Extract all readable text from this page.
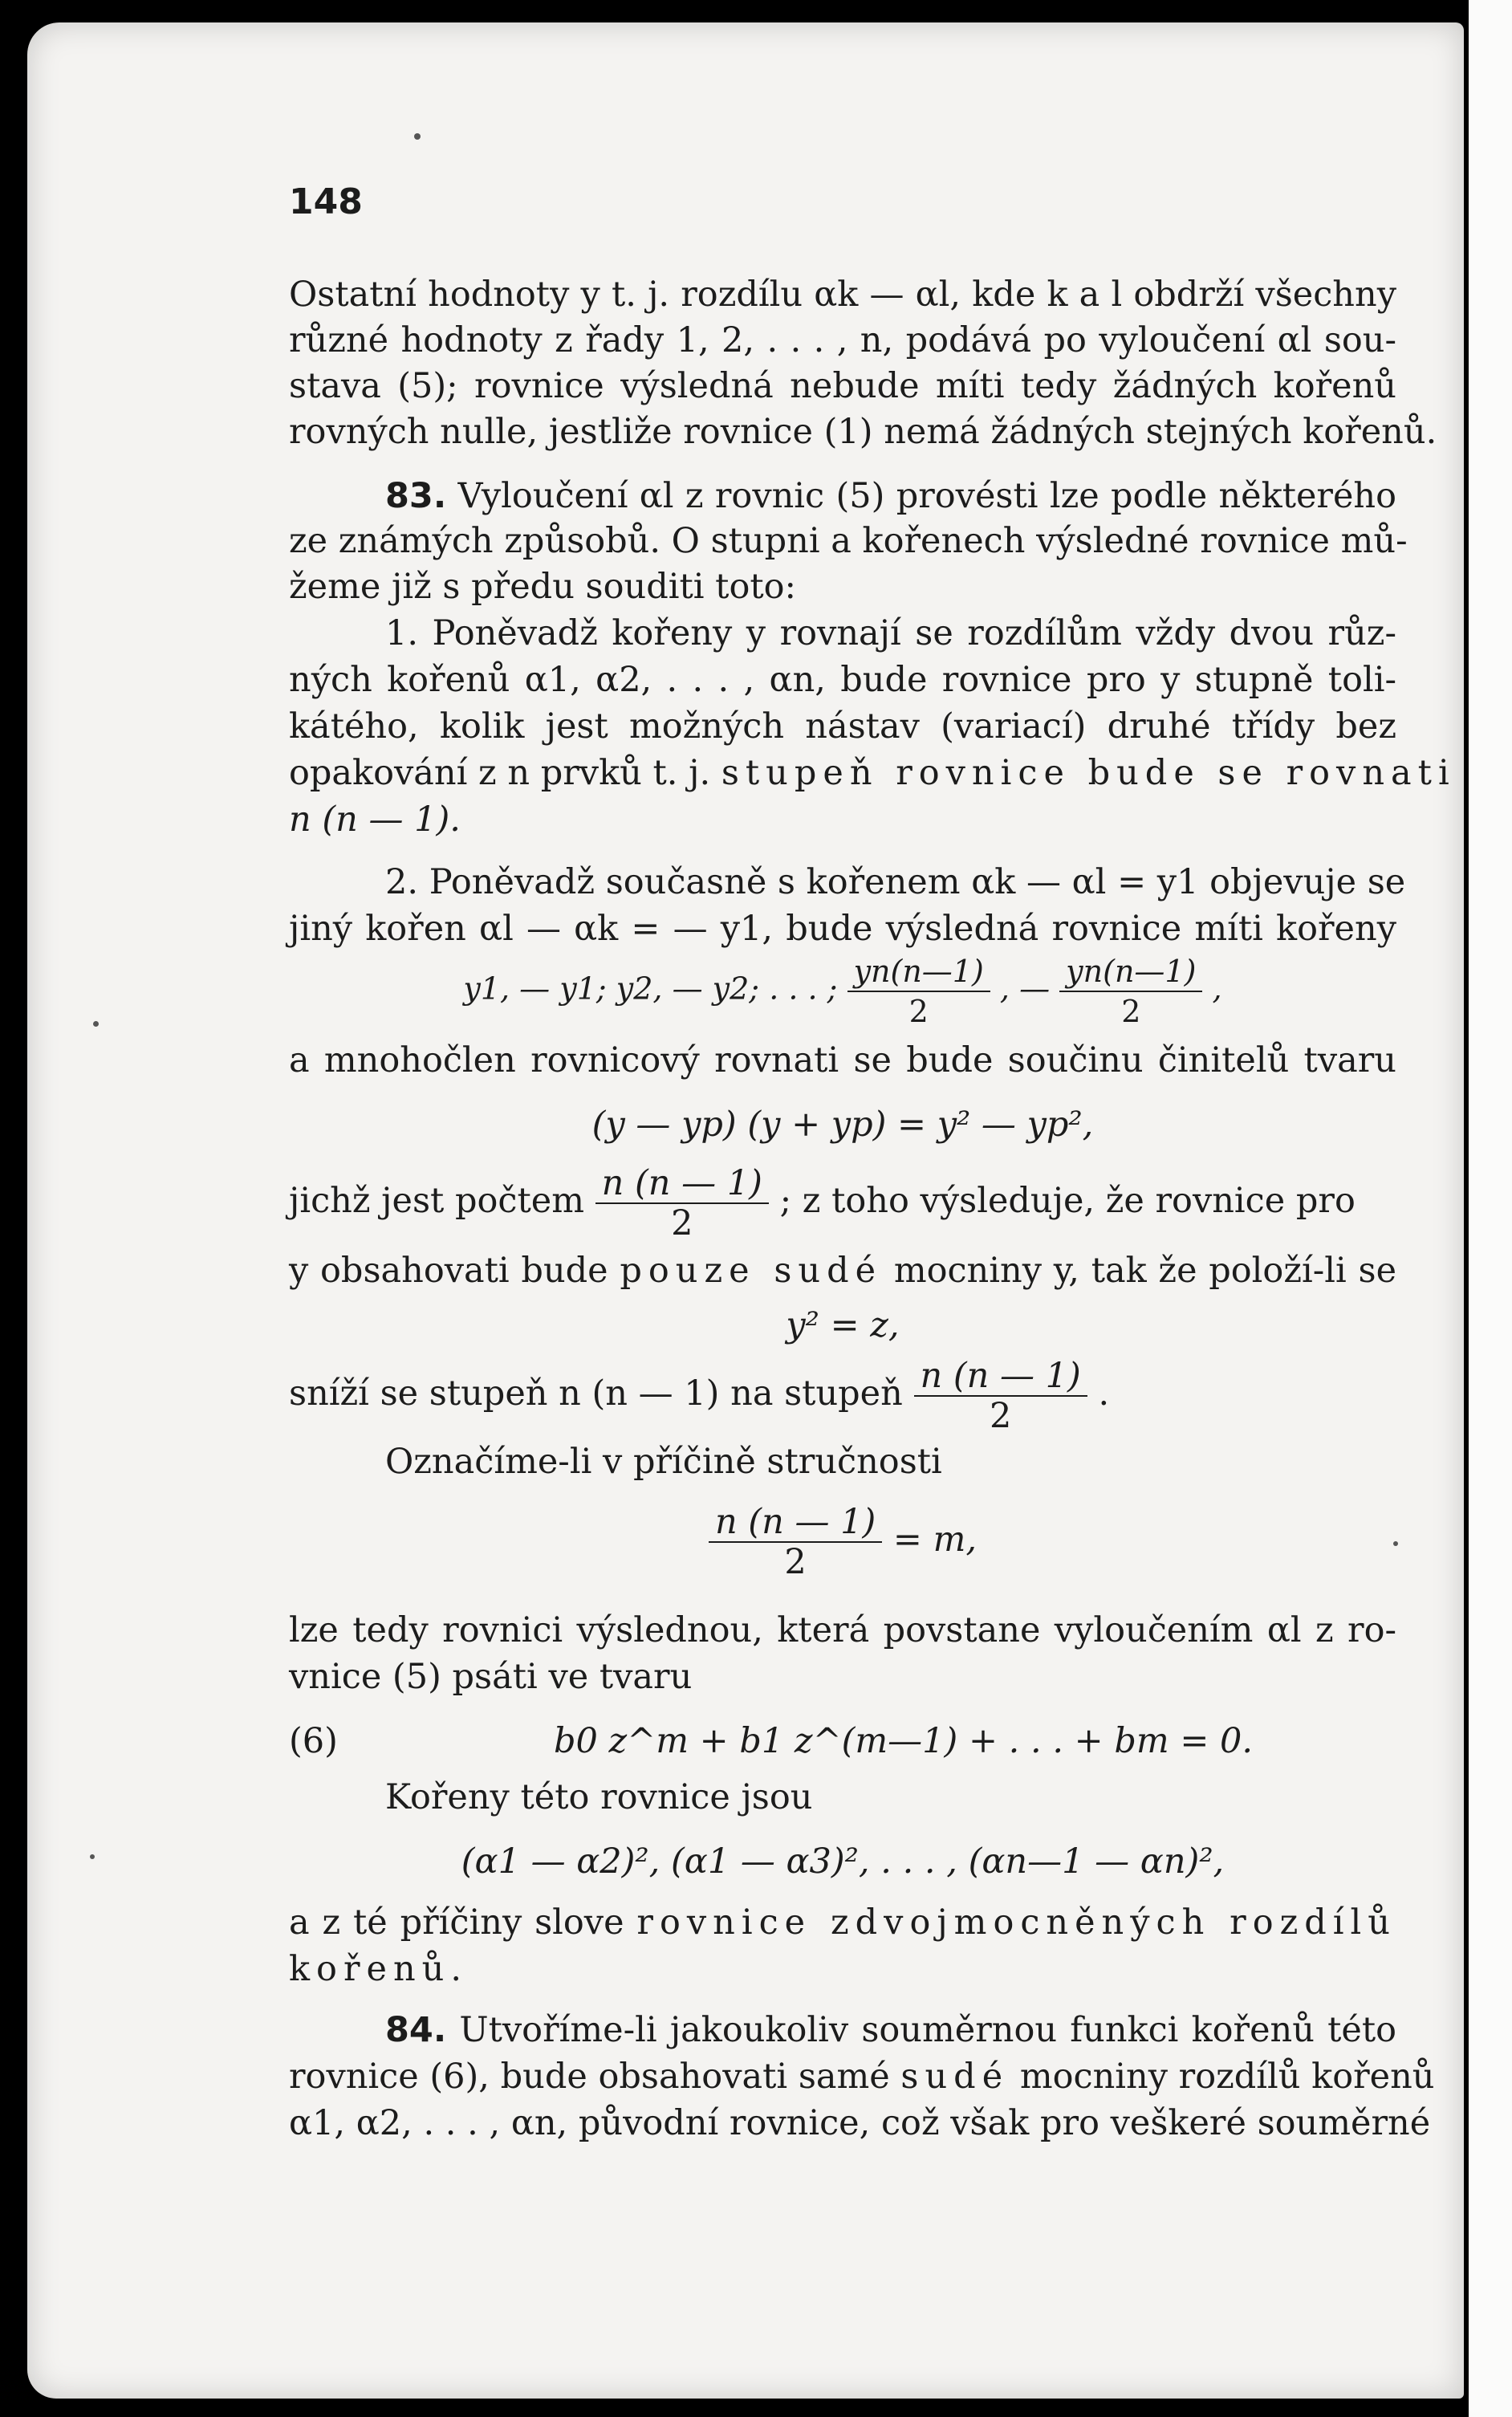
148
Ostatní hodnoty y t. j. rozdílu αk — αl, kde k a l obdrží všechny
různé hodnoty z řady 1, 2, . . . , n, podává po vyloučení αl sou-
stava (5); rovnice výsledná nebude míti tedy žádných kořenů
rovných nulle, jestliže rovnice (1) nemá žádných stejných kořenů.
83. Vyloučení αl z rovnic (5) provésti lze podle některého
ze známých způsobů. O stupni a kořenech výsledné rovnice mů-
žeme již s předu souditi toto:
1. Poněvadž kořeny y rovnají se rozdílům vždy dvou růz-
ných kořenů α1, α2, . . . , αn, bude rovnice pro y stupně toli-
kátého, kolik jest možných nástav (variací) druhé třídy bez
opakování z n prvků t. j. stupeň rovnice bude se rovnati
n (n — 1).
2. Poněvadž současně s kořenem αk — αl = y1 objevuje se
jiný kořen αl — αk = — y1, bude výsledná rovnice míti kořeny
y1, — y1; y2, — y2; . . . ; $\frac{yn(n—1)}{2}$ , — $\frac{yn(n—1)}{2}$ ,
a mnohočlen rovnicový rovnati se bude součinu činitelů tvaru
(y — yp) (y + yp) = y² — yp²,
jichž jest počtem $\frac{n (n — 1)}{2}$ ; z toho výsleduje, že rovnice pro
y obsahovati bude pouze sudé mocniny y, tak že položí-li se
y² = z,
sníží se stupeň n (n — 1) na stupeň $\frac{n (n — 1)}{2}$ .
Označíme-li v příčině stručnosti
$\frac{n (n — 1)}{2} = m$,
lze tedy rovnici výslednou, která povstane vyloučením αl z ro-
vnice (5) psáti ve tvaru
(6)	b0 z^m + b1 z^(m—1) + . . . + bm = 0.
Kořeny této rovnice jsou
(α1 — α2)², (α1 — α3)², . . . , (αn—1 — αn)²,
a z té příčiny slove rovnice zdvojmocněných rozdílů
kořenů.
84. Utvoříme-li jakoukoliv souměrnou funkci kořenů této
rovnice (6), bude obsahovati samé sudé mocniny rozdílů kořenů
α1, α2, . . . , αn, původní rovnice, což však pro veškeré souměrné
